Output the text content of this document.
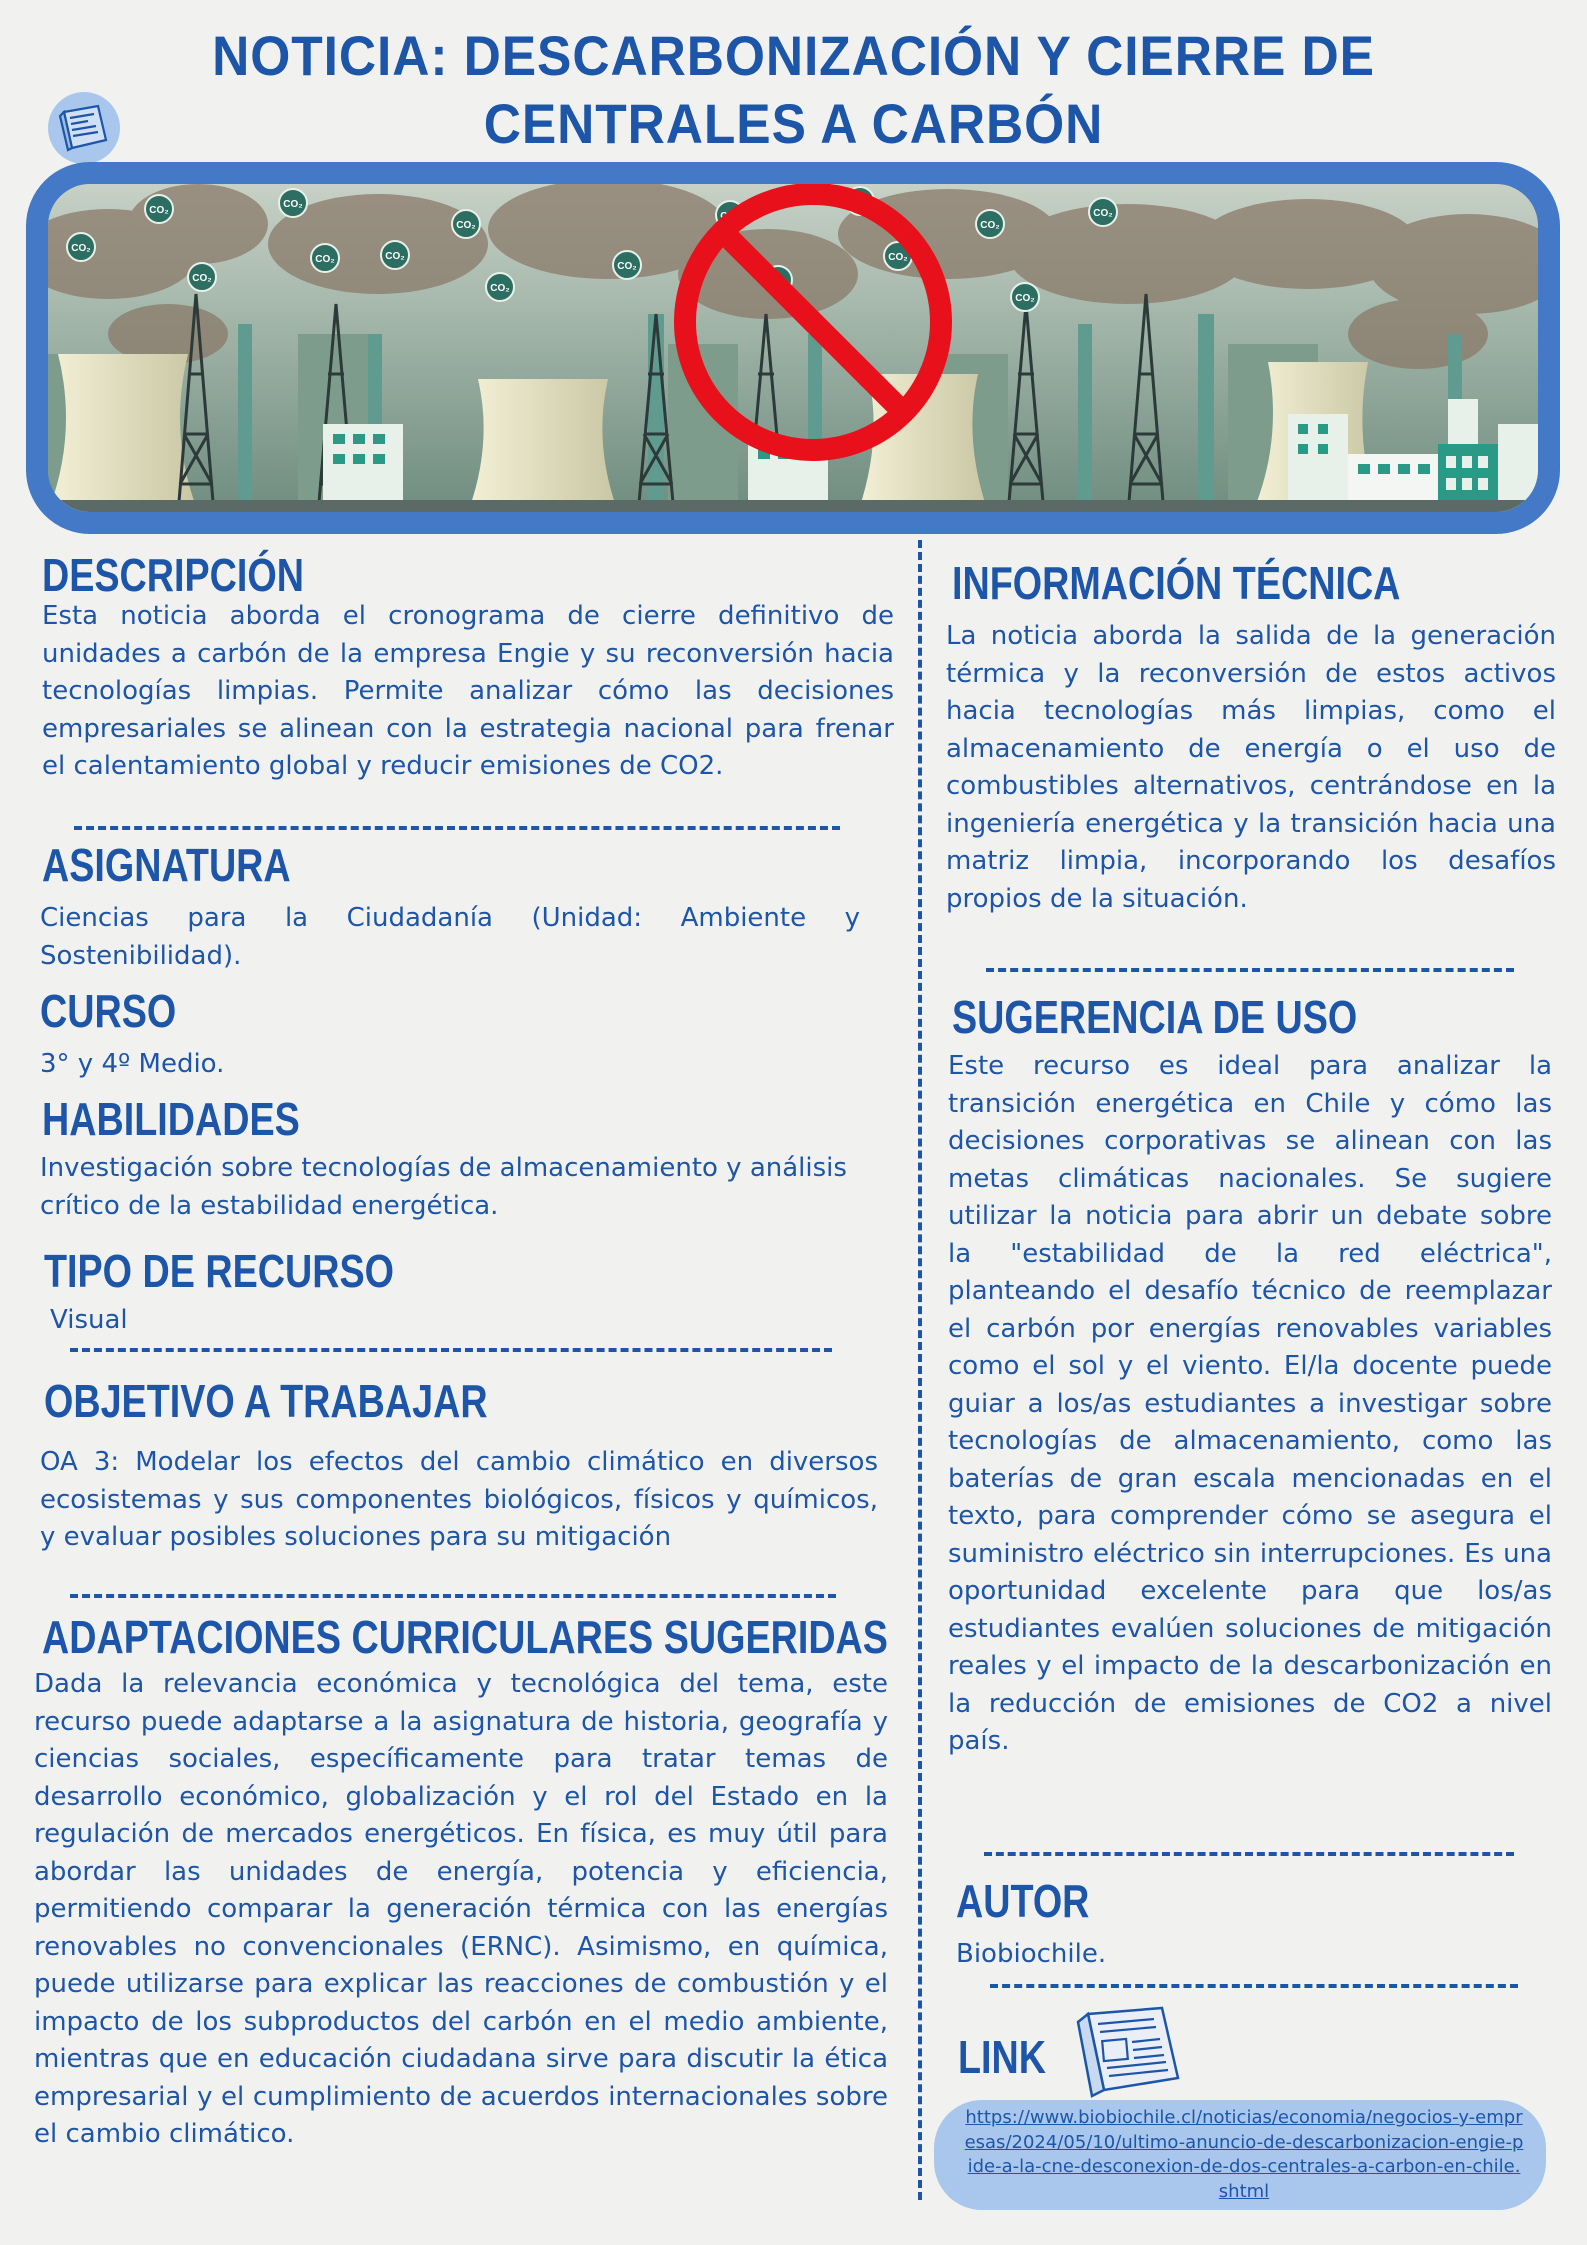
NOTICIA: DESCARBONIZACIÓN Y CIERRE DE CENTRALES A CARBÓN
CO₂
CO₂
CO₂
CO₂
CO₂	CO₂
CO₂
CO₂
CO₂
CO₂
CO₂
CO₂
CO₂
CO₂
CO₂
DESCRIPCIÓN

Esta noticia aborda el cronograma de cierre definitivo de unidades a carbón de la empresa Engie y su reconversión hacia tecnologías limpias. Permite analizar cómo las decisiones empresariales se alinean con la estrategia nacional para frenar el calentamiento global y reducir emisiones de CO2.

ASIGNATURA

Ciencias para la Ciudadanía (Unidad: Ambiente y Sostenibilidad).

CURSO

3° y 4º Medio.

HABILIDADES

Investigación sobre tecnologías de almacenamiento y análisis crítico de la estabilidad energética.

TIPO DE RECURSO

Visual

OBJETIVO A TRABAJAR

OA 3: Modelar los efectos del cambio climático en diversos ecosistemas y sus componentes biológicos, físicos y químicos, y evaluar posibles soluciones para su mitigación

ADAPTACIONES CURRICULARES SUGERIDAS

Dada la relevancia económica y tecnológica del tema, este recurso puede adaptarse a la asignatura de historia, geografía y ciencias sociales, específicamente para tratar temas de desarrollo económico, globalización y el rol del Estado en la regulación de mercados energéticos. En física, es muy útil para abordar las unidades de energía, potencia y eficiencia, permitiendo comparar la generación térmica con las energías renovables no convencionales (ERNC). Asimismo, en química, puede utilizarse para explicar las reacciones de combustión y el impacto de los subproductos del carbón en el medio ambiente, mientras que en educación ciudadana sirve para discutir la ética empresarial y el cumplimiento de acuerdos internacionales sobre el cambio climático.

INFORMACIÓN TÉCNICA

La noticia aborda la salida de la generación térmica y la reconversión de estos activos hacia tecnologías más limpias, como el almacenamiento de energía o el uso de combustibles alternativos, centrándose en la ingeniería energética y la transición hacia una matriz limpia, incorporando los desafíos propios de la situación.

SUGERENCIA DE USO

Este recurso es ideal para analizar la transición energética en Chile y cómo las decisiones corporativas se alinean con las metas climáticas nacionales. Se sugiere utilizar la noticia para abrir un debate sobre la "estabilidad de la red eléctrica", planteando el desafío técnico de reemplazar el carbón por energías renovables variables como el sol y el viento. El/la docente puede guiar a los/as estudiantes a investigar sobre tecnologías de almacenamiento, como las baterías de gran escala mencionadas en el texto, para comprender cómo se asegura el suministro eléctrico sin interrupciones. Es una oportunidad excelente para que los/as estudiantes evalúen soluciones de mitigación reales y el impacto de la descarbonización en la reducción de emisiones de CO2 a nivel país.

AUTOR

Biobiochile.

LINK
https://www.biobiochile.cl/noticias/economia/negocios-y-empresas/2024/05/10/ultimo-anuncio-de-descarbonizacion-engie-pide-a-la-cne-desconexion-de-dos-centrales-a-carbon-en-chile.shtml
